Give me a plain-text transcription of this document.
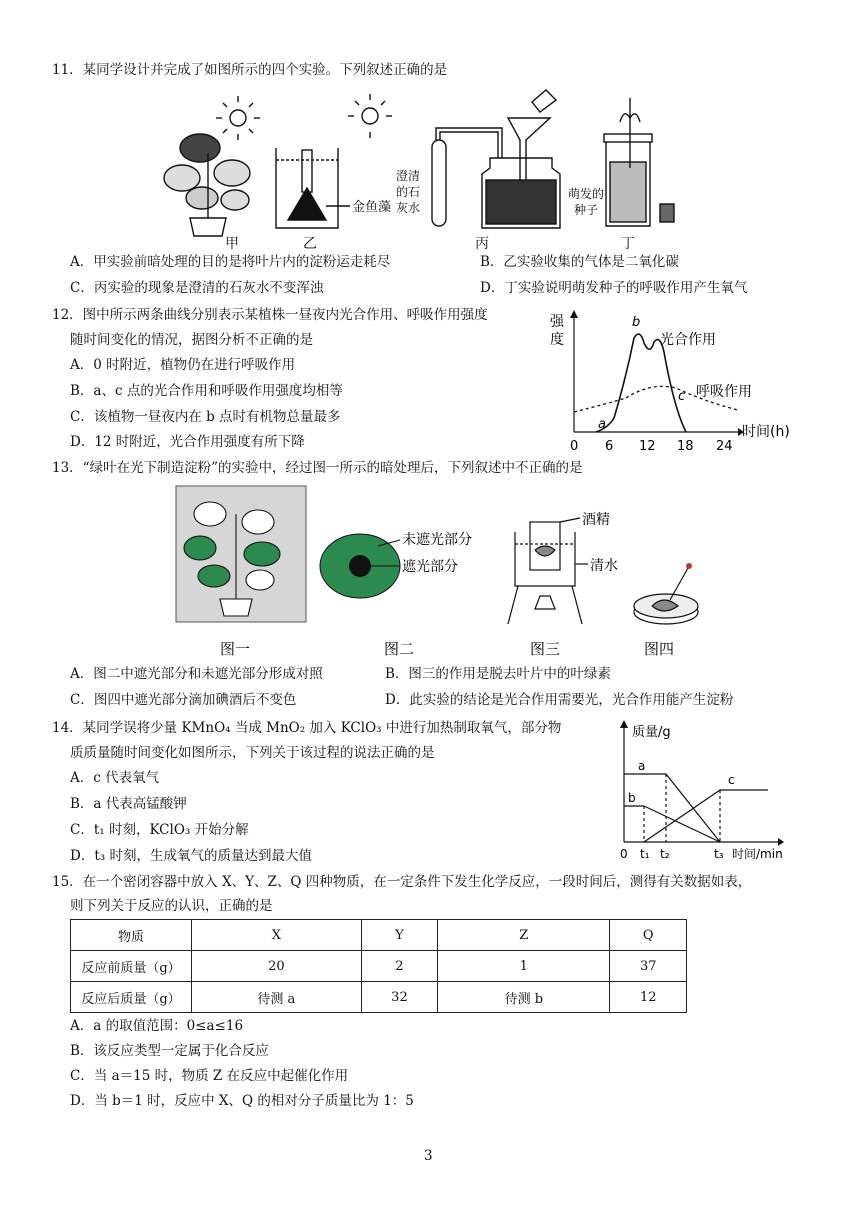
11．某同学设计并完成了如图所示的四个实验。下列叙述正确的是
金鱼藻
澄清
的石
灰水
萌发的
种子
甲	乙	丙	丁
A．甲实验前暗处理的目的是将叶片内的淀粉运走耗尽	B．乙实验收集的气体是二氧化碳
C．丙实验的现象是澄清的石灰水不变浑浊	D．丁实验说明萌发种子的呼吸作用产生氧气
12．图中所示两条曲线分别表示某植株一昼夜内光合作用、呼吸作用强度
随时间变化的情况，据图分析不正确的是
A．0 时附近，植物仍在进行呼吸作用
B．a、c 点的光合作用和呼吸作用强度均相等
C．该植物一昼夜内在 b 点时有机物总量最多
D．12 时附近，光合作用强度有所下降
强
度
时间(h)
0 6 12 18 24
a
b
c
光合作用
呼吸作用
13．“绿叶在光下制造淀粉”的实验中，经过图一所示的暗处理后，下列叙述中不正确的是
未遮光部分
遮光部分
酒精
清水
图一	图二	图三	图四
A．图二中遮光部分和未遮光部分形成对照	B．图三的作用是脱去叶片中的叶绿素
C．图四中遮光部分滴加碘酒后不变色	D．此实验的结论是光合作用需要光，光合作用能产生淀粉
14．某同学误将少量 KMnO₄ 当成 MnO₂ 加入 KClO₃ 中进行加热制取氧气，部分物
质质量随时间变化如图所示，下列关于该过程的说法正确的是
A．c 代表氧气
B．a 代表高锰酸钾
C．t₁ 时刻，KClO₃ 开始分解
D．t₃ 时刻，生成氧气的质量达到最大值
质量/g
0 t₁ t₂	t₃ 时间/min
a
b
c
15．在一个密闭容器中放入 X、Y、Z、Q 四种物质，在一定条件下发生化学反应，一段时间后，测得有关数据如表，
则下列关于反应的认识，正确的是
物质	X	Y	Z	Q
反应前质量（g）	20	2	1	37
反应后质量（g）	待测 a	32	待测 b	12
A．a 的取值范围：0≤a≤16
B．该反应类型一定属于化合反应
C．当 a＝15 时，物质 Z 在反应中起催化作用
D．当 b＝1 时，反应中 X、Q 的相对分子质量比为 1：5
3
